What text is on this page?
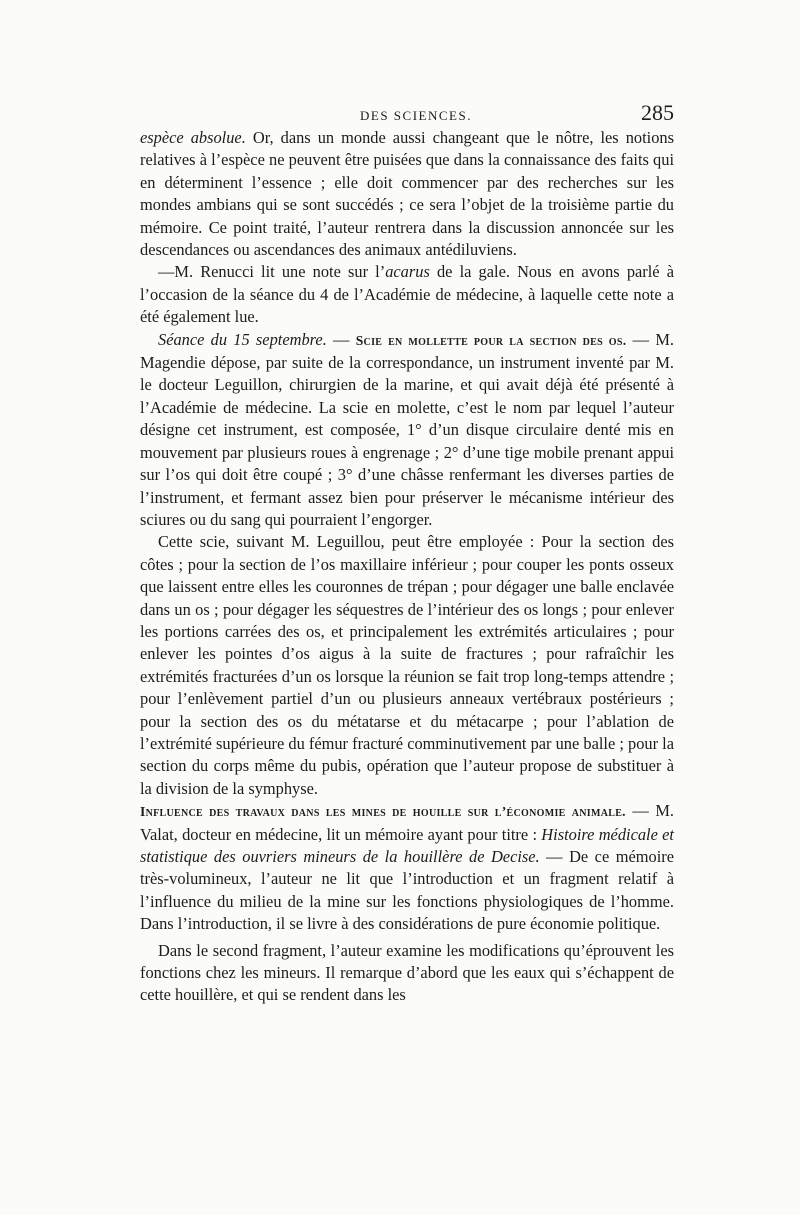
DES SCIENCES.	285

espèce absolue. Or, dans un monde aussi changeant que le nôtre, les notions relatives à l’espèce ne peuvent être puisées que dans la connaissance des faits qui en déterminent l’essence ; elle doit commencer par des recherches sur les mondes ambians qui se sont succédés ; ce sera l’objet de la troisième partie du mémoire. Ce point traité, l’auteur rentrera dans la discussion annoncée sur les descendances ou ascendances des animaux antédiluviens.

—M. Renucci lit une note sur l’acarus de la gale. Nous en avons parlé à l’occasion de la séance du 4 de l’Académie de médecine, à laquelle cette note a été également lue.

Séance du 15 septembre. — Scie en mollette pour la section des os. — M. Magendie dépose, par suite de la correspondance, un instrument inventé par M. le docteur Leguillon, chirurgien de la marine, et qui avait déjà été présenté à l’Académie de médecine. La scie en molette, c’est le nom par lequel l’auteur désigne cet instrument, est composée, 1° d’un disque circulaire denté mis en mouvement par plusieurs roues à engrenage ; 2° d’une tige mobile prenant appui sur l’os qui doit être coupé ; 3° d’une châsse renfermant les diverses parties de l’instrument, et fermant assez bien pour préserver le mécanisme intérieur des sciures ou du sang qui pourraient l’engorger.

Cette scie, suivant M. Leguillou, peut être employée : Pour la section des côtes ; pour la section de l’os maxillaire inférieur ; pour couper les ponts osseux que laissent entre elles les couronnes de trépan ; pour dégager une balle enclavée dans un os ; pour dégager les séquestres de l’intérieur des os longs ; pour enlever les portions carrées des os, et principalement les extrémités articulaires ; pour enlever les pointes d’os aigus à la suite de fractures ; pour rafraîchir les extrémités fracturées d’un os lorsque la réunion se fait trop long-temps attendre ; pour l’enlèvement partiel d’un ou plusieurs anneaux vertébraux postérieurs ; pour la section des os du métatarse et du métacarpe ; pour l’ablation de l’extrémité supérieure du fémur fracturé comminutivement par une balle ; pour la section du corps même du pubis, opération que l’auteur propose de substituer à la division de la symphyse.

Influence des travaux dans les mines de houille sur l’économie animale. — M. Valat, docteur en médecine, lit un mémoire ayant pour titre : Histoire médicale et statistique des ouvriers mineurs de la houillère de Decise. — De ce mémoire très-volumineux, l’auteur ne lit que l’introduction et un fragment relatif à l’influence du milieu de la mine sur les fonctions physiologiques de l’homme. Dans l’introduction, il se livre à des considérations de pure économie politique.

Dans le second fragment, l’auteur examine les modifications qu’éprouvent les fonctions chez les mineurs. Il remarque d’abord que les eaux qui s’échappent de cette houillère, et qui se rendent dans les
